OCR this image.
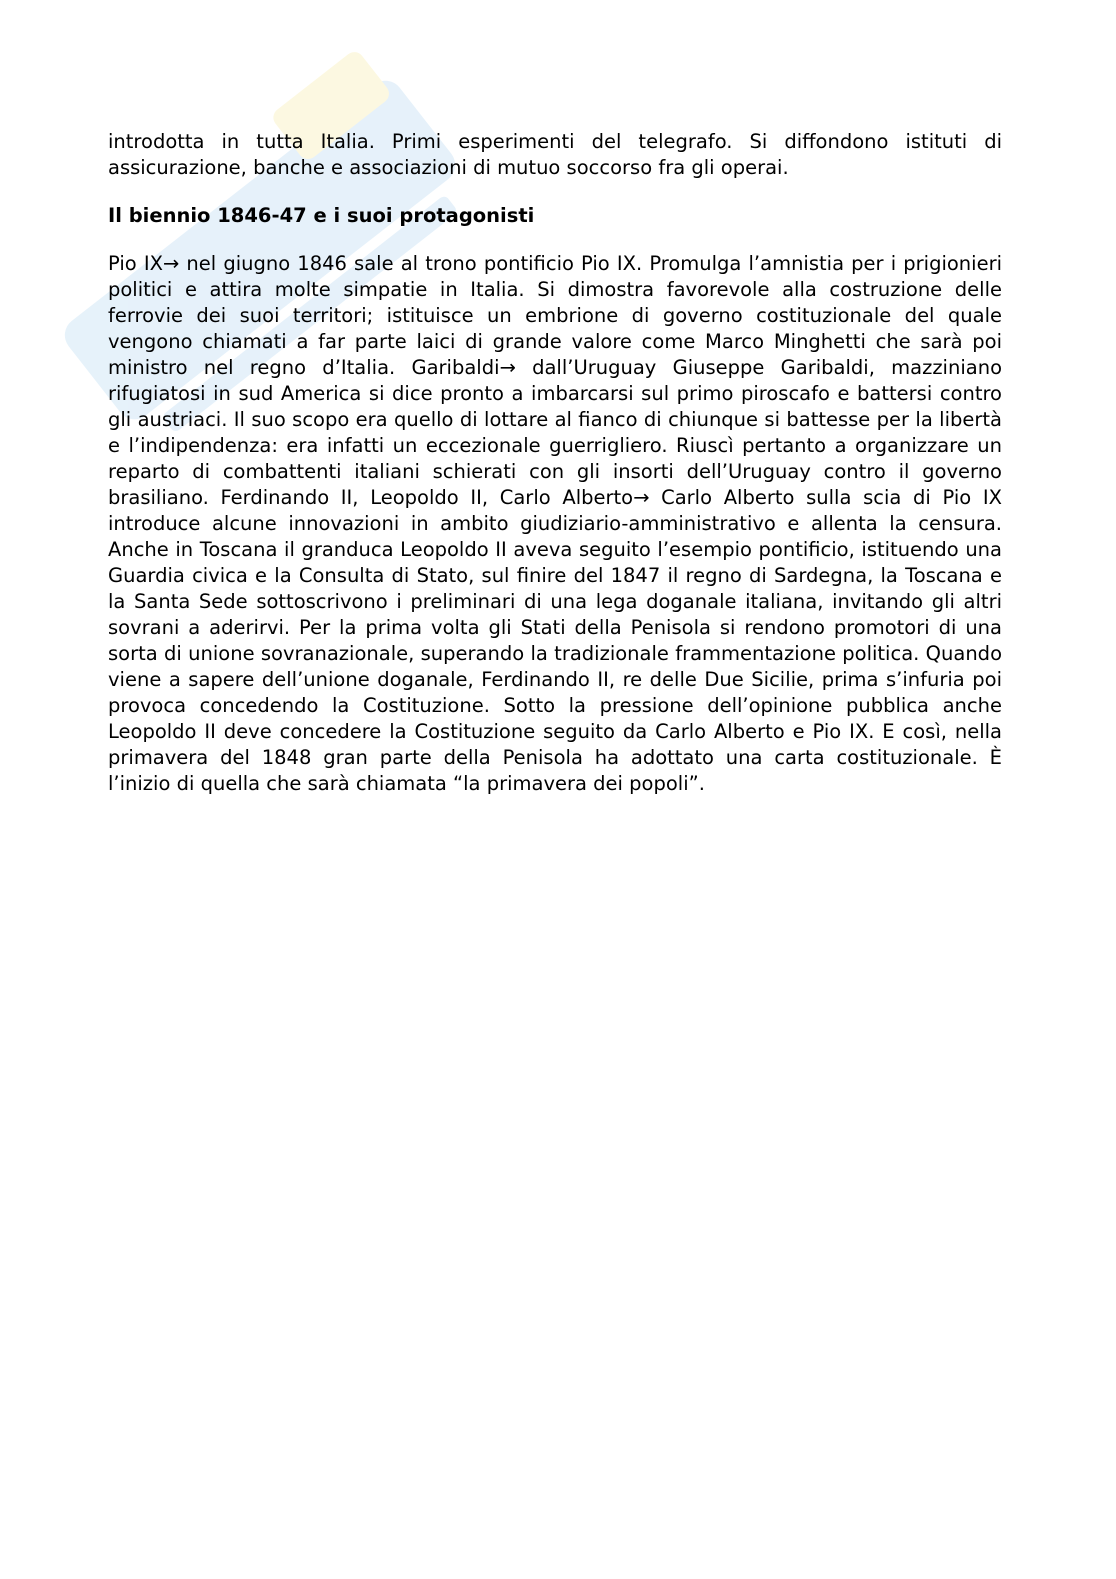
introdotta in tutta Italia. Primi esperimenti del telegrafo. Si diffondono istituti di assicurazione, banche e associazioni di mutuo soccorso fra gli operai.

Il biennio 1846-47 e i suoi protagonisti

Pio IX→ nel giugno 1846 sale al trono pontificio Pio IX. Promulga l’amnistia per i prigionieri politici e attira molte simpatie in Italia. Si dimostra favorevole alla costruzione delle ferrovie dei suoi territori; istituisce un embrione di governo costituzionale del quale vengono chiamati a far parte laici di grande valore come Marco Minghetti che sarà poi ministro nel regno d’Italia. Garibaldi→ dall’Uruguay Giuseppe Garibaldi, mazziniano rifugiatosi in sud America si dice pronto a imbarcarsi sul primo piroscafo e battersi contro gli austriaci. Il suo scopo era quello di lottare al fianco di chiunque si battesse per la libertà e l’indipendenza: era infatti un eccezionale guerrigliero. Riuscì pertanto a organizzare un reparto di combattenti italiani schierati con gli insorti dell’Uruguay contro il governo brasiliano. Ferdinando II, Leopoldo II, Carlo Alberto→ Carlo Alberto sulla scia di Pio IX introduce alcune innovazioni in ambito giudiziario-amministrativo e allenta la censura. Anche in Toscana il granduca Leopoldo II aveva seguito l’esempio pontificio, istituendo una Guardia civica e la Consulta di Stato, sul finire del 1847 il regno di Sardegna, la Toscana e la Santa Sede sottoscrivono i preliminari di una lega doganale italiana, invitando gli altri sovrani a aderirvi. Per la prima volta gli Stati della Penisola si rendono promotori di una sorta di unione sovranazionale, superando la tradizionale frammentazione politica. Quando viene a sapere dell’unione doganale, Ferdinando II, re delle Due Sicilie, prima s’infuria poi provoca concedendo la Costituzione. Sotto la pressione dell’opinione pubblica anche Leopoldo II deve concedere la Costituzione seguito da Carlo Alberto e Pio IX. E così, nella primavera del 1848 gran parte della Penisola ha adottato una carta costituzionale. È l’inizio di quella che sarà chiamata “la primavera dei popoli”.
